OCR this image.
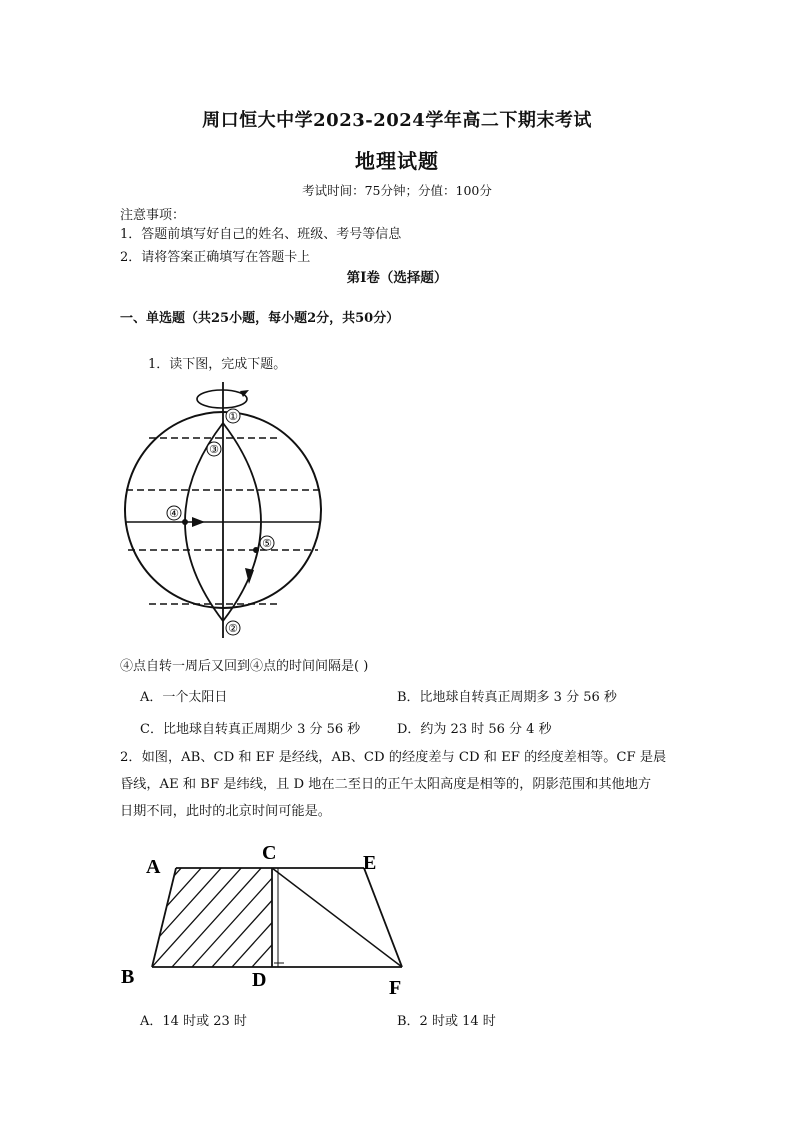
周口恒大中学2023-2024学年高二下期末考试
地理试题
考试时间：75分钟；分值：100分
注意事项：
1．答题前填写好自己的姓名、班级、考号等信息
2．请将答案正确填写在答题卡上
第I卷（选择题）
一、单选题（共25小题，每小题2分，共50分）
1．读下图，完成下题。
①
②
③
④
⑤
④点自转一周后又回到④点的时间间隔是( )
A．一个太阳日	B．比地球自转真正周期多 3 分 56 秒
C．比地球自转真正周期少 3 分 56 秒	D．约为 23 时 56 分 4 秒
2．如图，AB、CD 和 EF 是经线，AB、CD 的经度差与 CD 和 EF 的经度差相等。CF 是晨
昏线，AE 和 BF 是纬线，且 D 地在二至日的正午太阳高度是相等的，阴影范围和其他地方
日期不同，此时的北京时间可能是。
A
B
C
D
E
F
A．14 时或 23 时	B．2 时或 14 时
